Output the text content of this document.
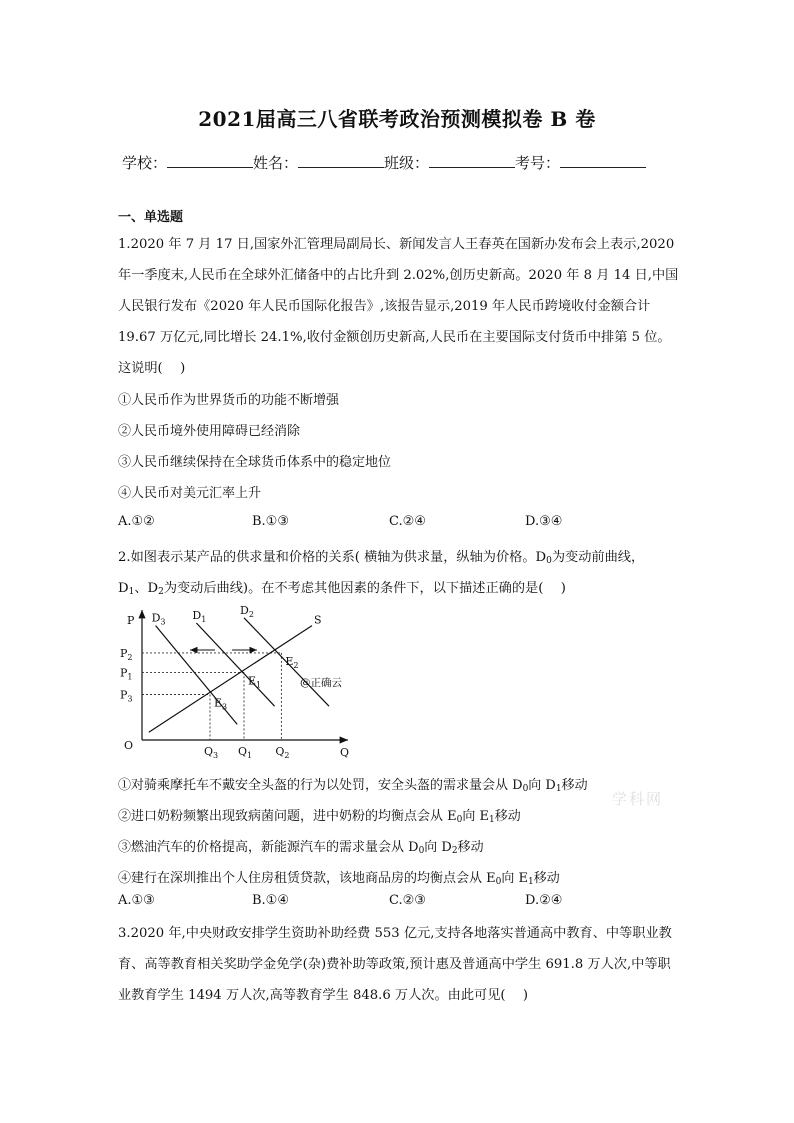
2021届高三八省联考政治预测模拟卷 B 卷
学校：	姓名：	班级：	考号：
一、单选题
1.2020 年 7 月 17 日,国家外汇管理局副局长、新闻发言人王春英在国新办发布会上表示,2020
年一季度末,人民币在全球外汇储备中的占比升到 2.02%,创历史新高。2020 年 8 月 14 日,中国
人民银行发布《2020 年人民币国际化报告》,该报告显示,2019 年人民币跨境收付金额合计
19.67 万亿元,同比增长 24.1%,收付金额创历史新高,人民币在主要国际支付货币中排第 5 位。
这说明(　 )
①人民币作为世界货币的功能不断增强
②人民币境外使用障碍已经消除
③人民币继续保持在全球货币体系中的稳定地位
④人民币对美元汇率上升
A.①②	B.①③	C.②④	D.③④
2.如图表示某产品的供求量和价格的关系( 横轴为供求量，纵轴为价格。$D_0$为变动前曲线，
$D_1$、$D_2$为变动后曲线)。在不考虑其他因素的条件下，以下描述正确的是(　 )
P
Q
O
S
$D_3$
$D_1$
$D_2$
$Q_3$ $Q_1$ $Q_2$
$P_2$
$P_1$
$P_3$	$E_3$
$E_1$
$E_2$
@正确云
①对骑乘摩托车不戴安全头盔的行为以处罚，安全头盔的需求量会从 $D_0$向 $D_1$移动
②进口奶粉频繁出现致病菌问题，进中奶粉的均衡点会从 $E_0$向 $E_1$移动
③燃油汽车的价格提高，新能源汽车的需求量会从 $D_0$向 $D_2$移动
④建行在深圳推出个人住房租赁贷款，该地商品房的均衡点会从 $E_0$向 $E_1$移动
A.①③	B.①④	C.②③	D.②④
3.2020 年,中央财政安排学生资助补助经费 553 亿元,支持各地落实普通高中教育、中等职业教
育、高等教育相关奖助学金免学(杂)费补助等政策,预计惠及普通高中学生 691.8 万人次,中等职
业教育学生 1494 万人次,高等教育学生 848.6 万人次。由此可见(　 )
学科网
